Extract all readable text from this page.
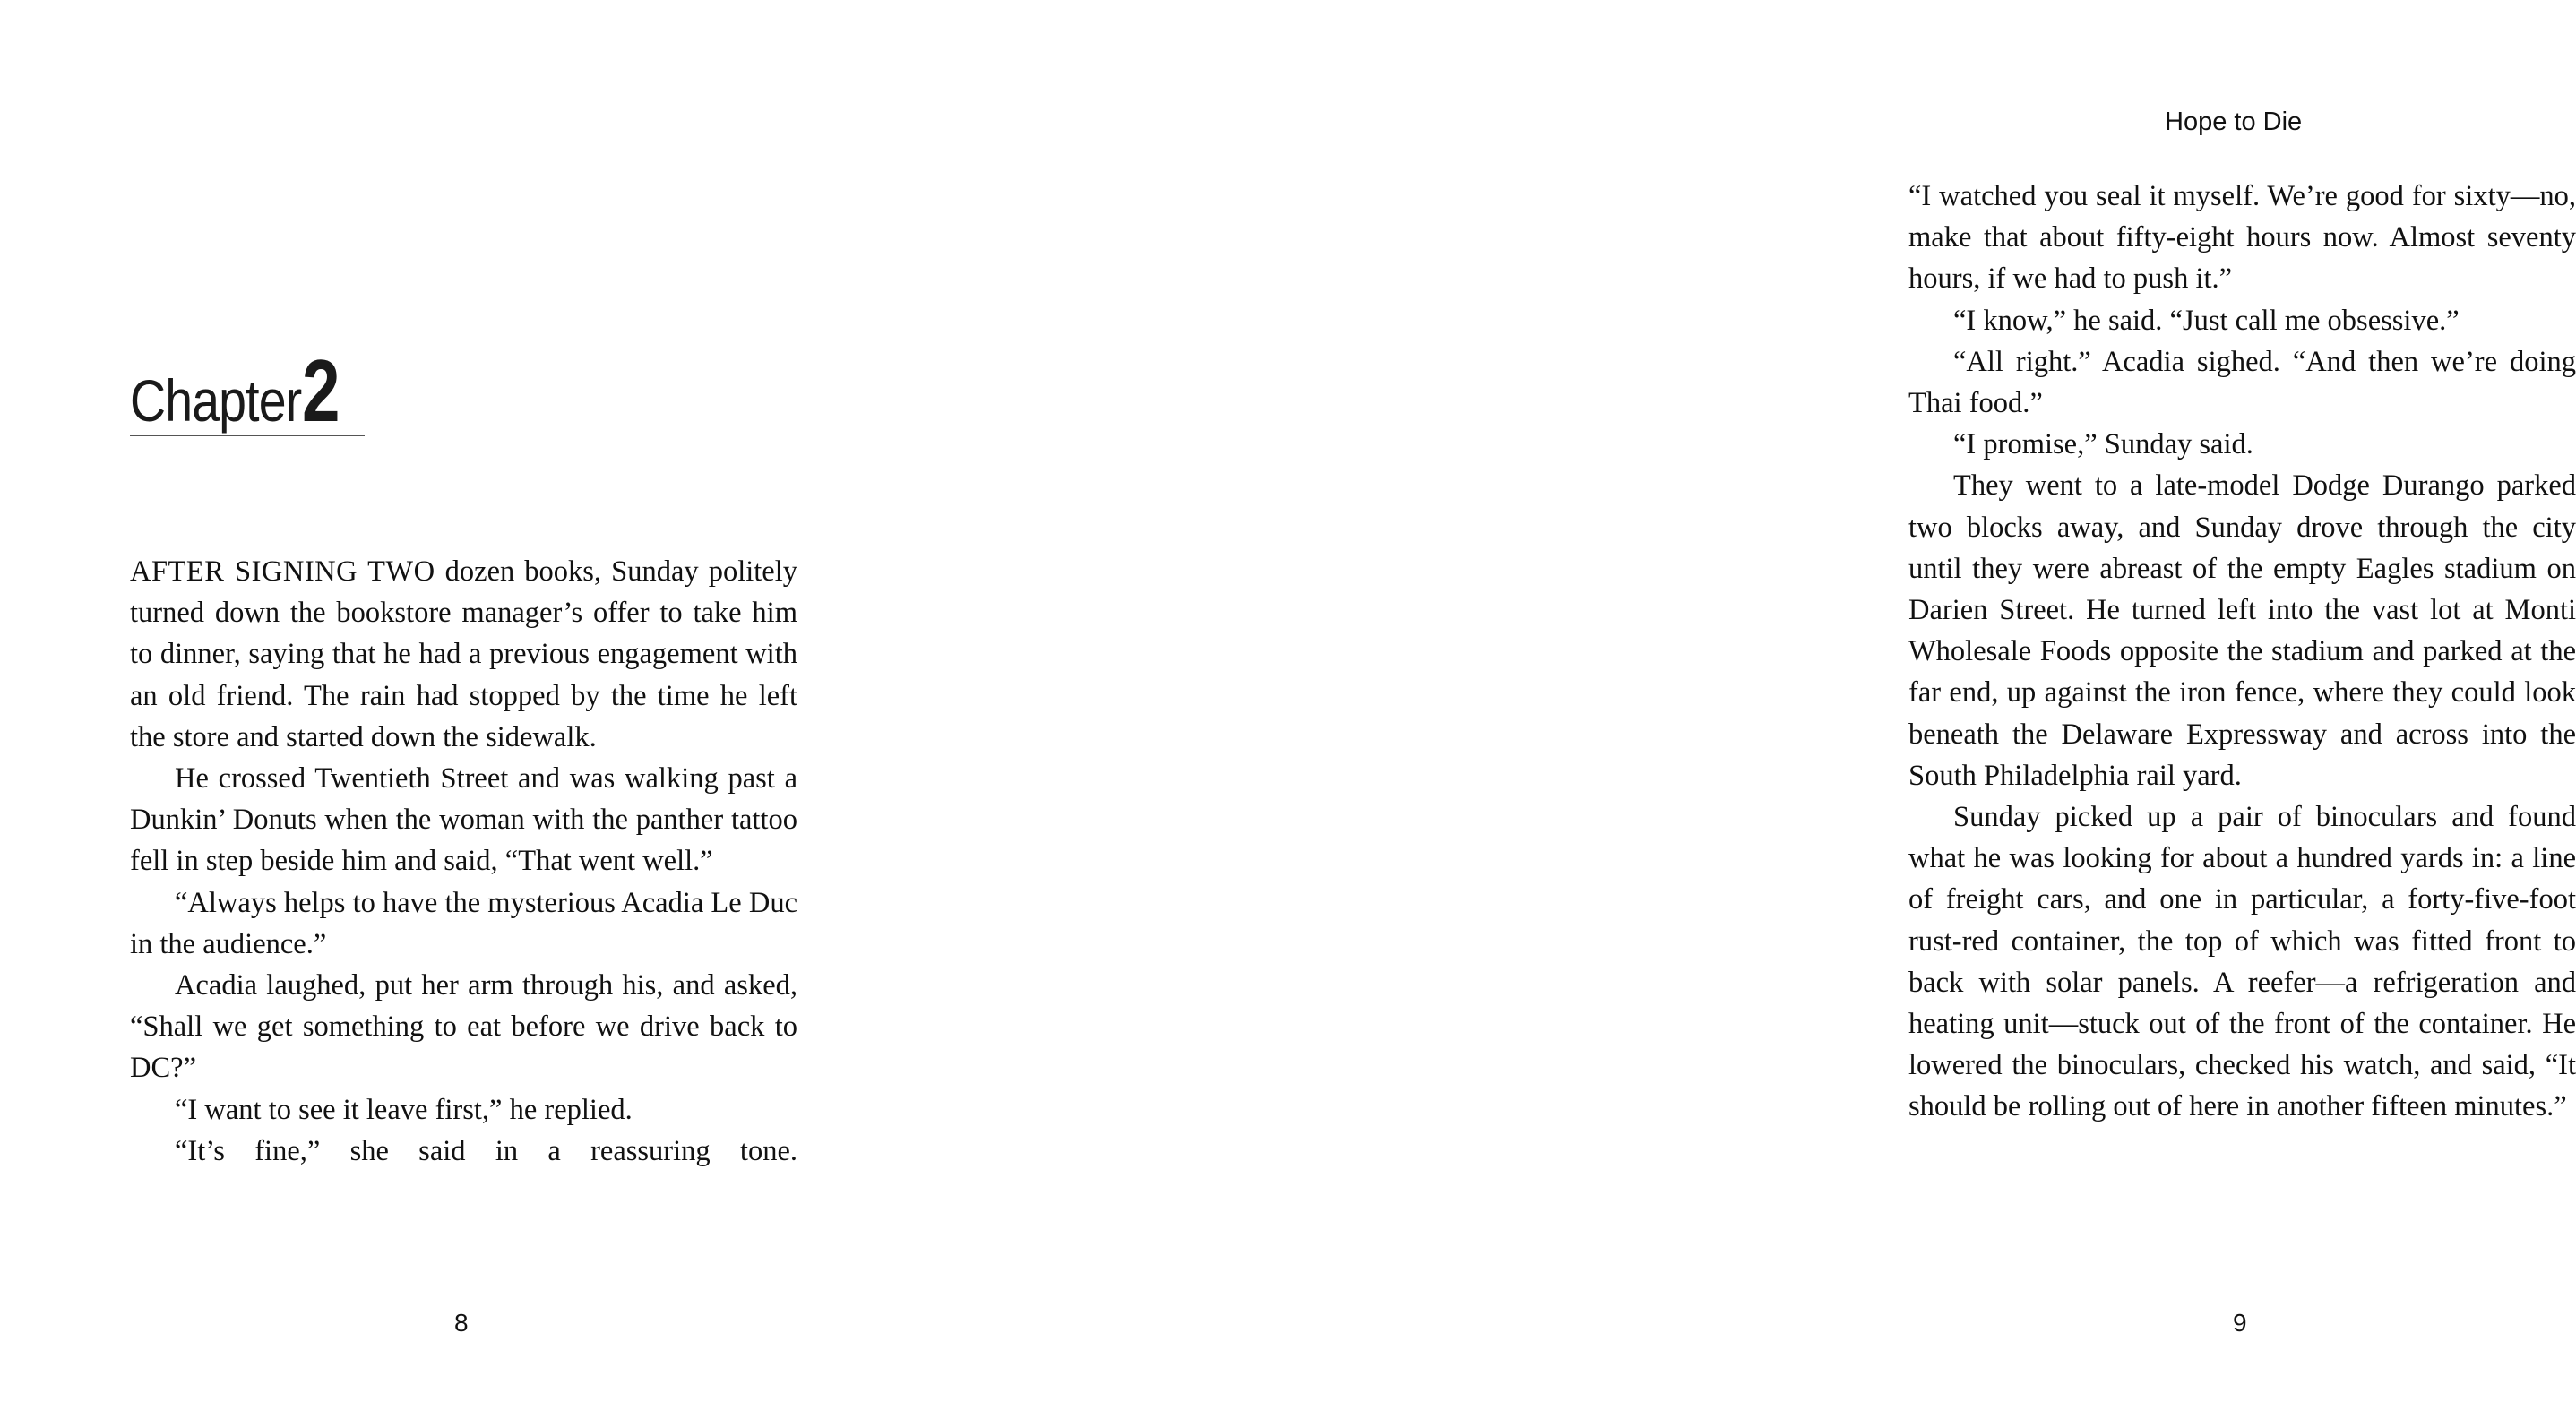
Chapter2

AFTER SIGNING TWO dozen books, Sunday politely turned down the bookstore manager’s offer to take him to dinner, saying that he had a previous engagement with an old friend. The rain had stopped by the time he left the store and started down the sidewalk.

He crossed Twentieth Street and was walking past a Dunkin’ Donuts when the woman with the panther tattoo fell in step beside him and said, “That went well.”

“Always helps to have the mysterious Acadia Le Duc in the audience.”

Acadia laughed, put her arm through his, and asked, “Shall we get something to eat before we drive back to DC?”

“I want to see it leave first,” he replied.

“It’s fine,” she said in a reassuring tone.

8
Hope to Die

“I watched you seal it myself. We’re good for sixty—no, make that about fifty-eight hours now. Almost seventy hours, if we had to push it.”

“I know,” he said. “Just call me obsessive.”

“All right.” Acadia sighed. “And then we’re doing Thai food.”

“I promise,” Sunday said.

They went to a late-model Dodge Durango parked two blocks away, and Sunday drove through the city until they were abreast of the empty Eagles stadium on Darien Street. He turned left into the vast lot at Monti Wholesale Foods opposite the stadium and parked at the far end, up against the iron fence, where they could look beneath the Delaware Expressway and across into the South Philadelphia rail yard.

Sunday picked up a pair of binoculars and found what he was looking for about a hundred yards in: a line of freight cars, and one in particular, a forty-five-foot rust-red container, the top of which was fitted front to back with solar panels. A reefer—a refrigeration and heating unit—stuck out of the front of the container. He lowered the binoculars, checked his watch, and said, “It should be rolling out of here in another fifteen minutes.”

9
